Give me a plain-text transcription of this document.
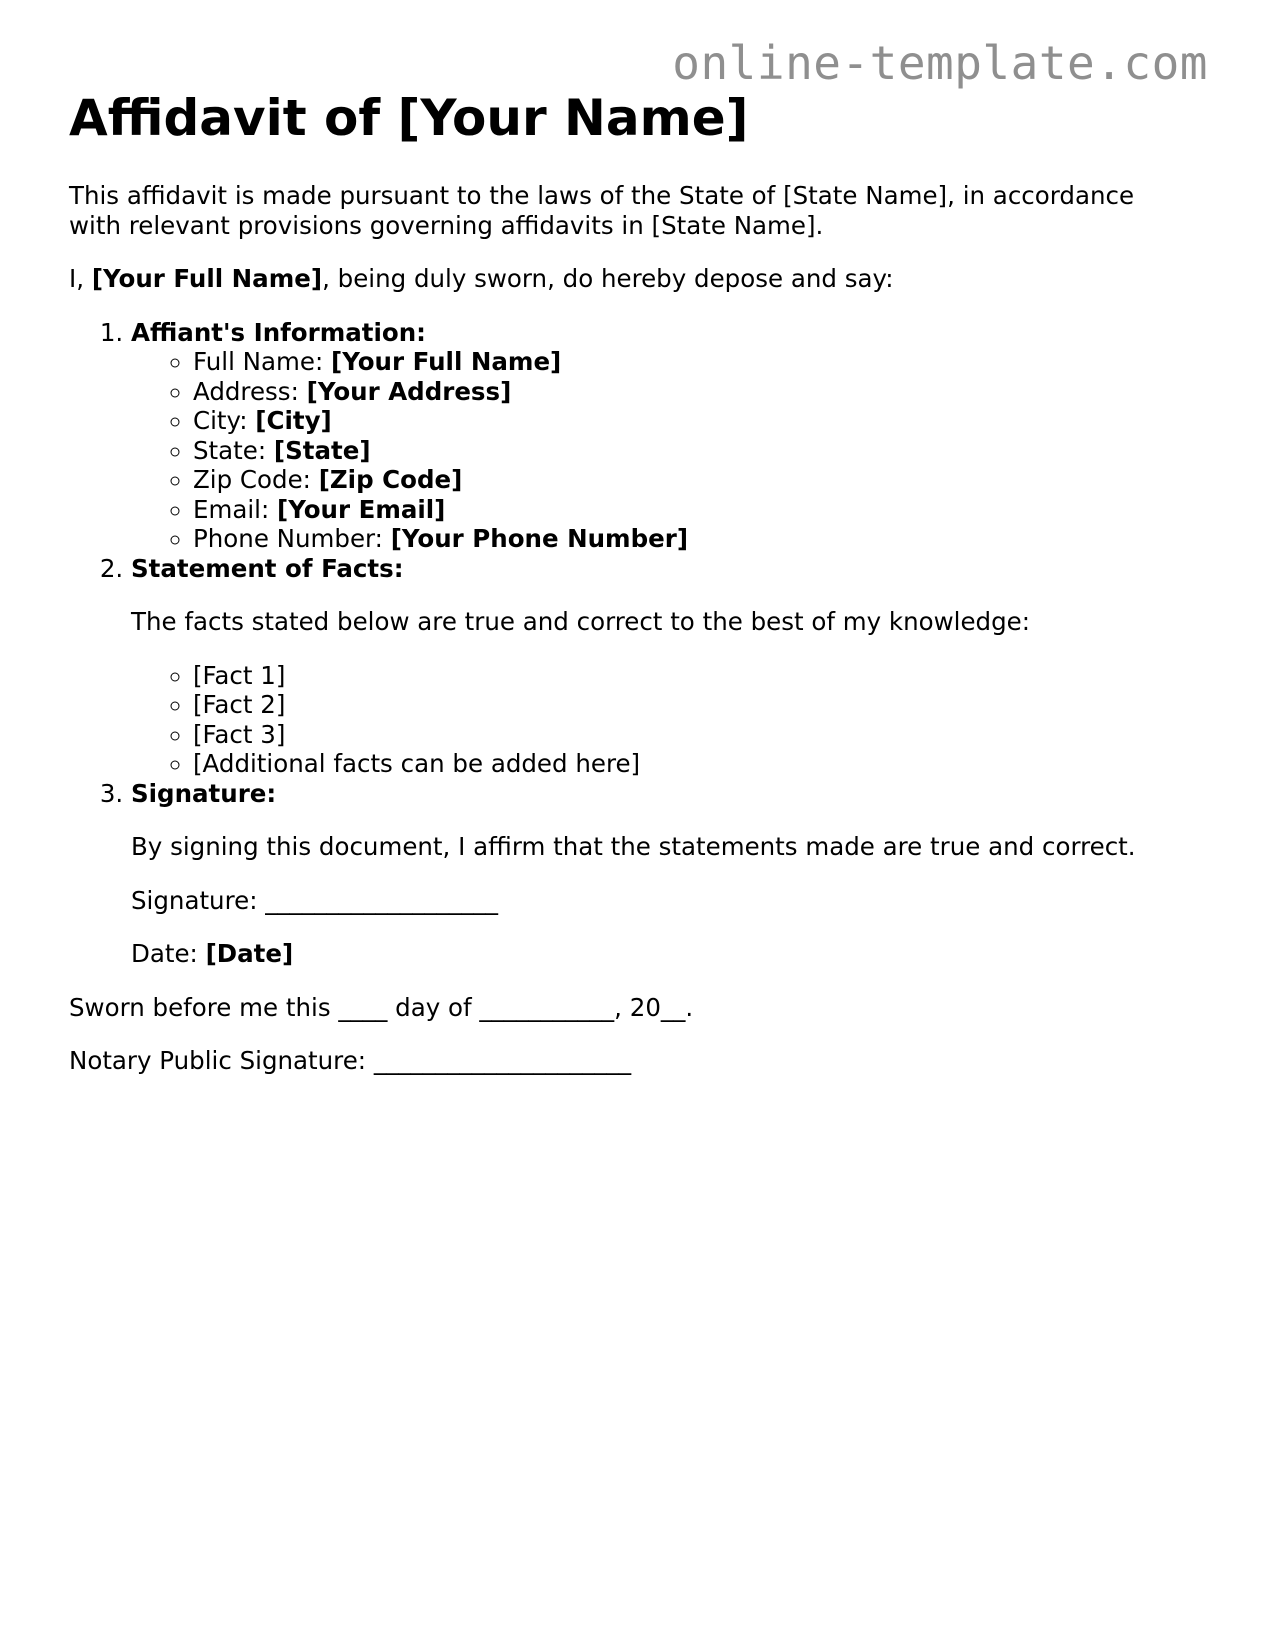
online-template.com
Affidavit of [Your Name]

This affidavit is made pursuant to the laws of the State of [State Name], in accordance with relevant provisions governing affidavits in [State Name].

I, [Your Full Name], being duly sworn, do hereby depose and say:

1. Affiant's Information:
◦ Full Name: [Your Full Name]
◦ Address: [Your Address]
◦ City: [City]
◦ State: [State]
◦ Zip Code: [Zip Code]
◦ Email: [Your Email]
◦ Phone Number: [Your Phone Number]
2. Statement of Facts:

The facts stated below are true and correct to the best of my knowledge:

◦ [Fact 1]
◦ [Fact 2]
◦ [Fact 3]
◦ [Additional facts can be added here]
3. Signature:

By signing this document, I affirm that the statements made are true and correct.

Signature: ___________________

Date: [Date]

Sworn before me this ____ day of ___________, 20__.

Notary Public Signature: _____________________
